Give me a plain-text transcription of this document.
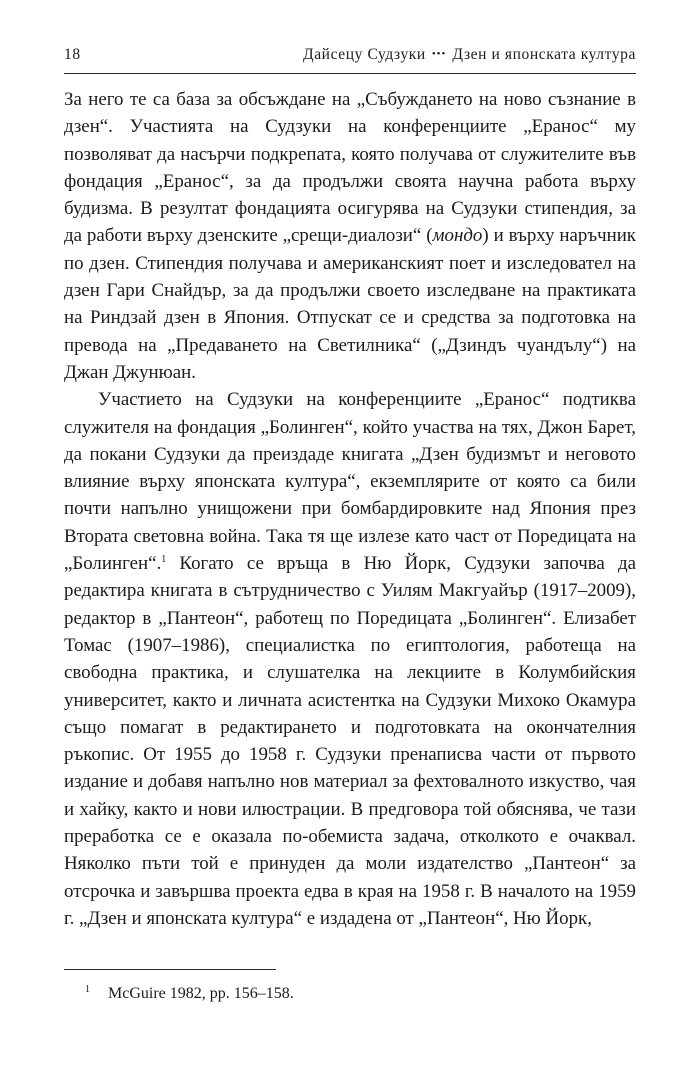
18	Дайсецу Судзуки ••• Дзен и японската култура

За него те са база за обсъждане на „Събуждането на ново съзнание в дзен“. Участията на Судзуки на конференциите „Еранос“ му позволяват да насърчи подкрепата, която получава от служителите във фондация „Еранос“, за да продължи своята научна работа върху будизма. В резултат фондацията осигурява на Судзуки стипендия, за да работи върху дзенските „срещи-диалози“ (мондо) и върху наръчник по дзен. Стипендия получава и американският поет и изследовател на дзен Гари Снайдър, за да продължи своето изследване на практиката на Риндзай дзен в Япония. Отпускат се и средства за подготовка на превода на „Предаването на Светилника“ („Дзиндъ чуандълу“) на Джан Джунюан.

Участието на Судзуки на конференциите „Еранос“ подтиква служителя на фондация „Болинген“, който участва на тях, Джон Барет, да покани Судзуки да преиздаде книгата „Дзен будизмът и неговото влияние върху японската култура“, екземплярите от която са били почти напълно унищожени при бомбардировките над Япония през Втората световна война. Така тя ще излезе като част от Поредицата на „Болинген“.$^1$ Когато се връща в Ню Йорк, Судзуки започва да редактира книгата в сътрудничество с Уилям Макгуайър (1917–2009), редактор в „Пантеон“, работещ по Поредицата „Болинген“. Елизабет Томас (1907–1986), специалистка по египтология, работеща на свободна практика, и слушателка на лекциите в Колумбийския университет, както и личната асистентка на Судзуки Михоко Окамура също помагат в редактирането и подготовката на окончателния ръкопис. От 1955 до 1958 г. Судзуки пренаписва части от първото издание и добавя напълно нов материал за фехтовалното изкуство, чая и хайку, както и нови илюстрации. В предговора той обяснява, че тази преработка се е оказала по-обемиста задача, отколкото е очаквал. Няколко пъти той е принуден да моли издателство „Пантеон“ за отсрочка и завършва проекта едва в края на 1958 г. В началото на 1959 г. „Дзен и японската култура“ е издадена от „Пантеон“, Ню Йорк,

1 McGuire 1982, pp. 156–158.
